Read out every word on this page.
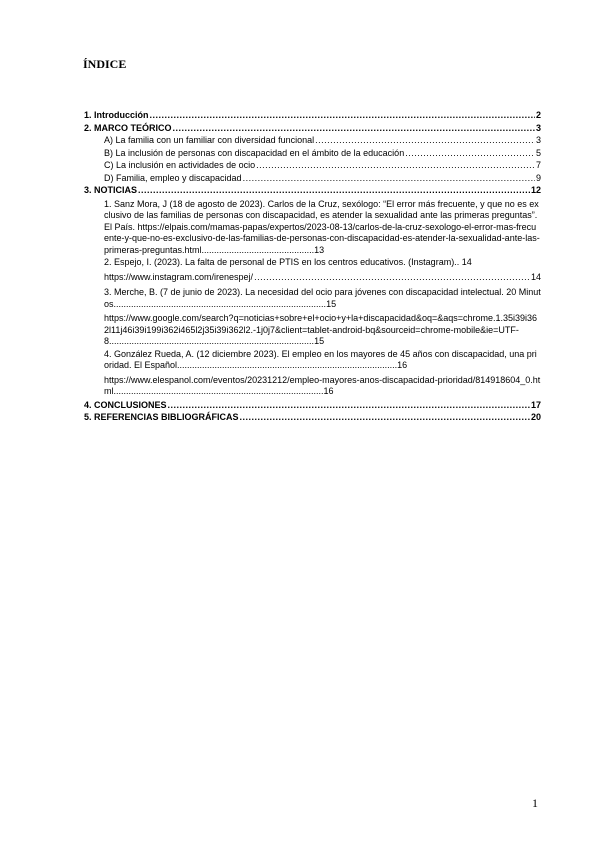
ÍNDICE
1. Introducción .....	2
2. MARCO TEÓRICO .....	3
A) La familia con un familiar con diversidad funcional .....	3
B) La inclusión de personas con discapacidad en el ámbito de la educación .....	5
C) La inclusión en actividades de ocio .....	7
D) Familia, empleo y discapacidad .....	9
3. NOTICIAS .....	12
1. Sanz Mora, J (18 de agosto de 2023). Carlos de la Cruz, sexólogo: “El error más frecuente, y que no es exclusivo de las familias de personas con discapacidad, es atender la sexualidad ante las primeras preguntas”. El País. https://elpais.com/mamas-papas/expertos/2023-08-13/carlos-de-la-cruz-sexologo-el-error-mas-frecuente-y-que-no-es-exclusivo-de-las-familias-de-personas-con-discapacidad-es-atender-la-sexualidad-ante-las-primeras-preguntas.html.............................................13
2. Espejo, I. (2023). La falta de personal de PTIS en los centros educativos. (Instagram).. 14
https://www.instagram.com/irenespej/ .....	14
3. Merche, B. (7 de junio de 2023). La necesidad del ocio para jóvenes con discapacidad intelectual. 20 Minutos.....................................................................................15
https://www.google.com/search?q=noticias+sobre+el+ocio+y+la+discapacidad&oq=&aqs=chrome.1.35i39i362l11j46i39i199i362i465l2j35i39i362l2.-1j0j7&client=tablet-android-bq&sourceid=chrome-mobile&ie=UTF-8..................................................................................15
4. González Rueda, A. (12 diciembre 2023). El empleo en los mayores de 45 años con discapacidad, una prioridad. El Español........................................................................................16
https://www.elespanol.com/eventos/20231212/empleo-mayores-anos-discapacidad-prioridad/814918604_0.html....................................................................................16
4. CONCLUSIONES .....	17
5. REFERENCIAS BIBLIOGRÁFICAS .....	20
1
